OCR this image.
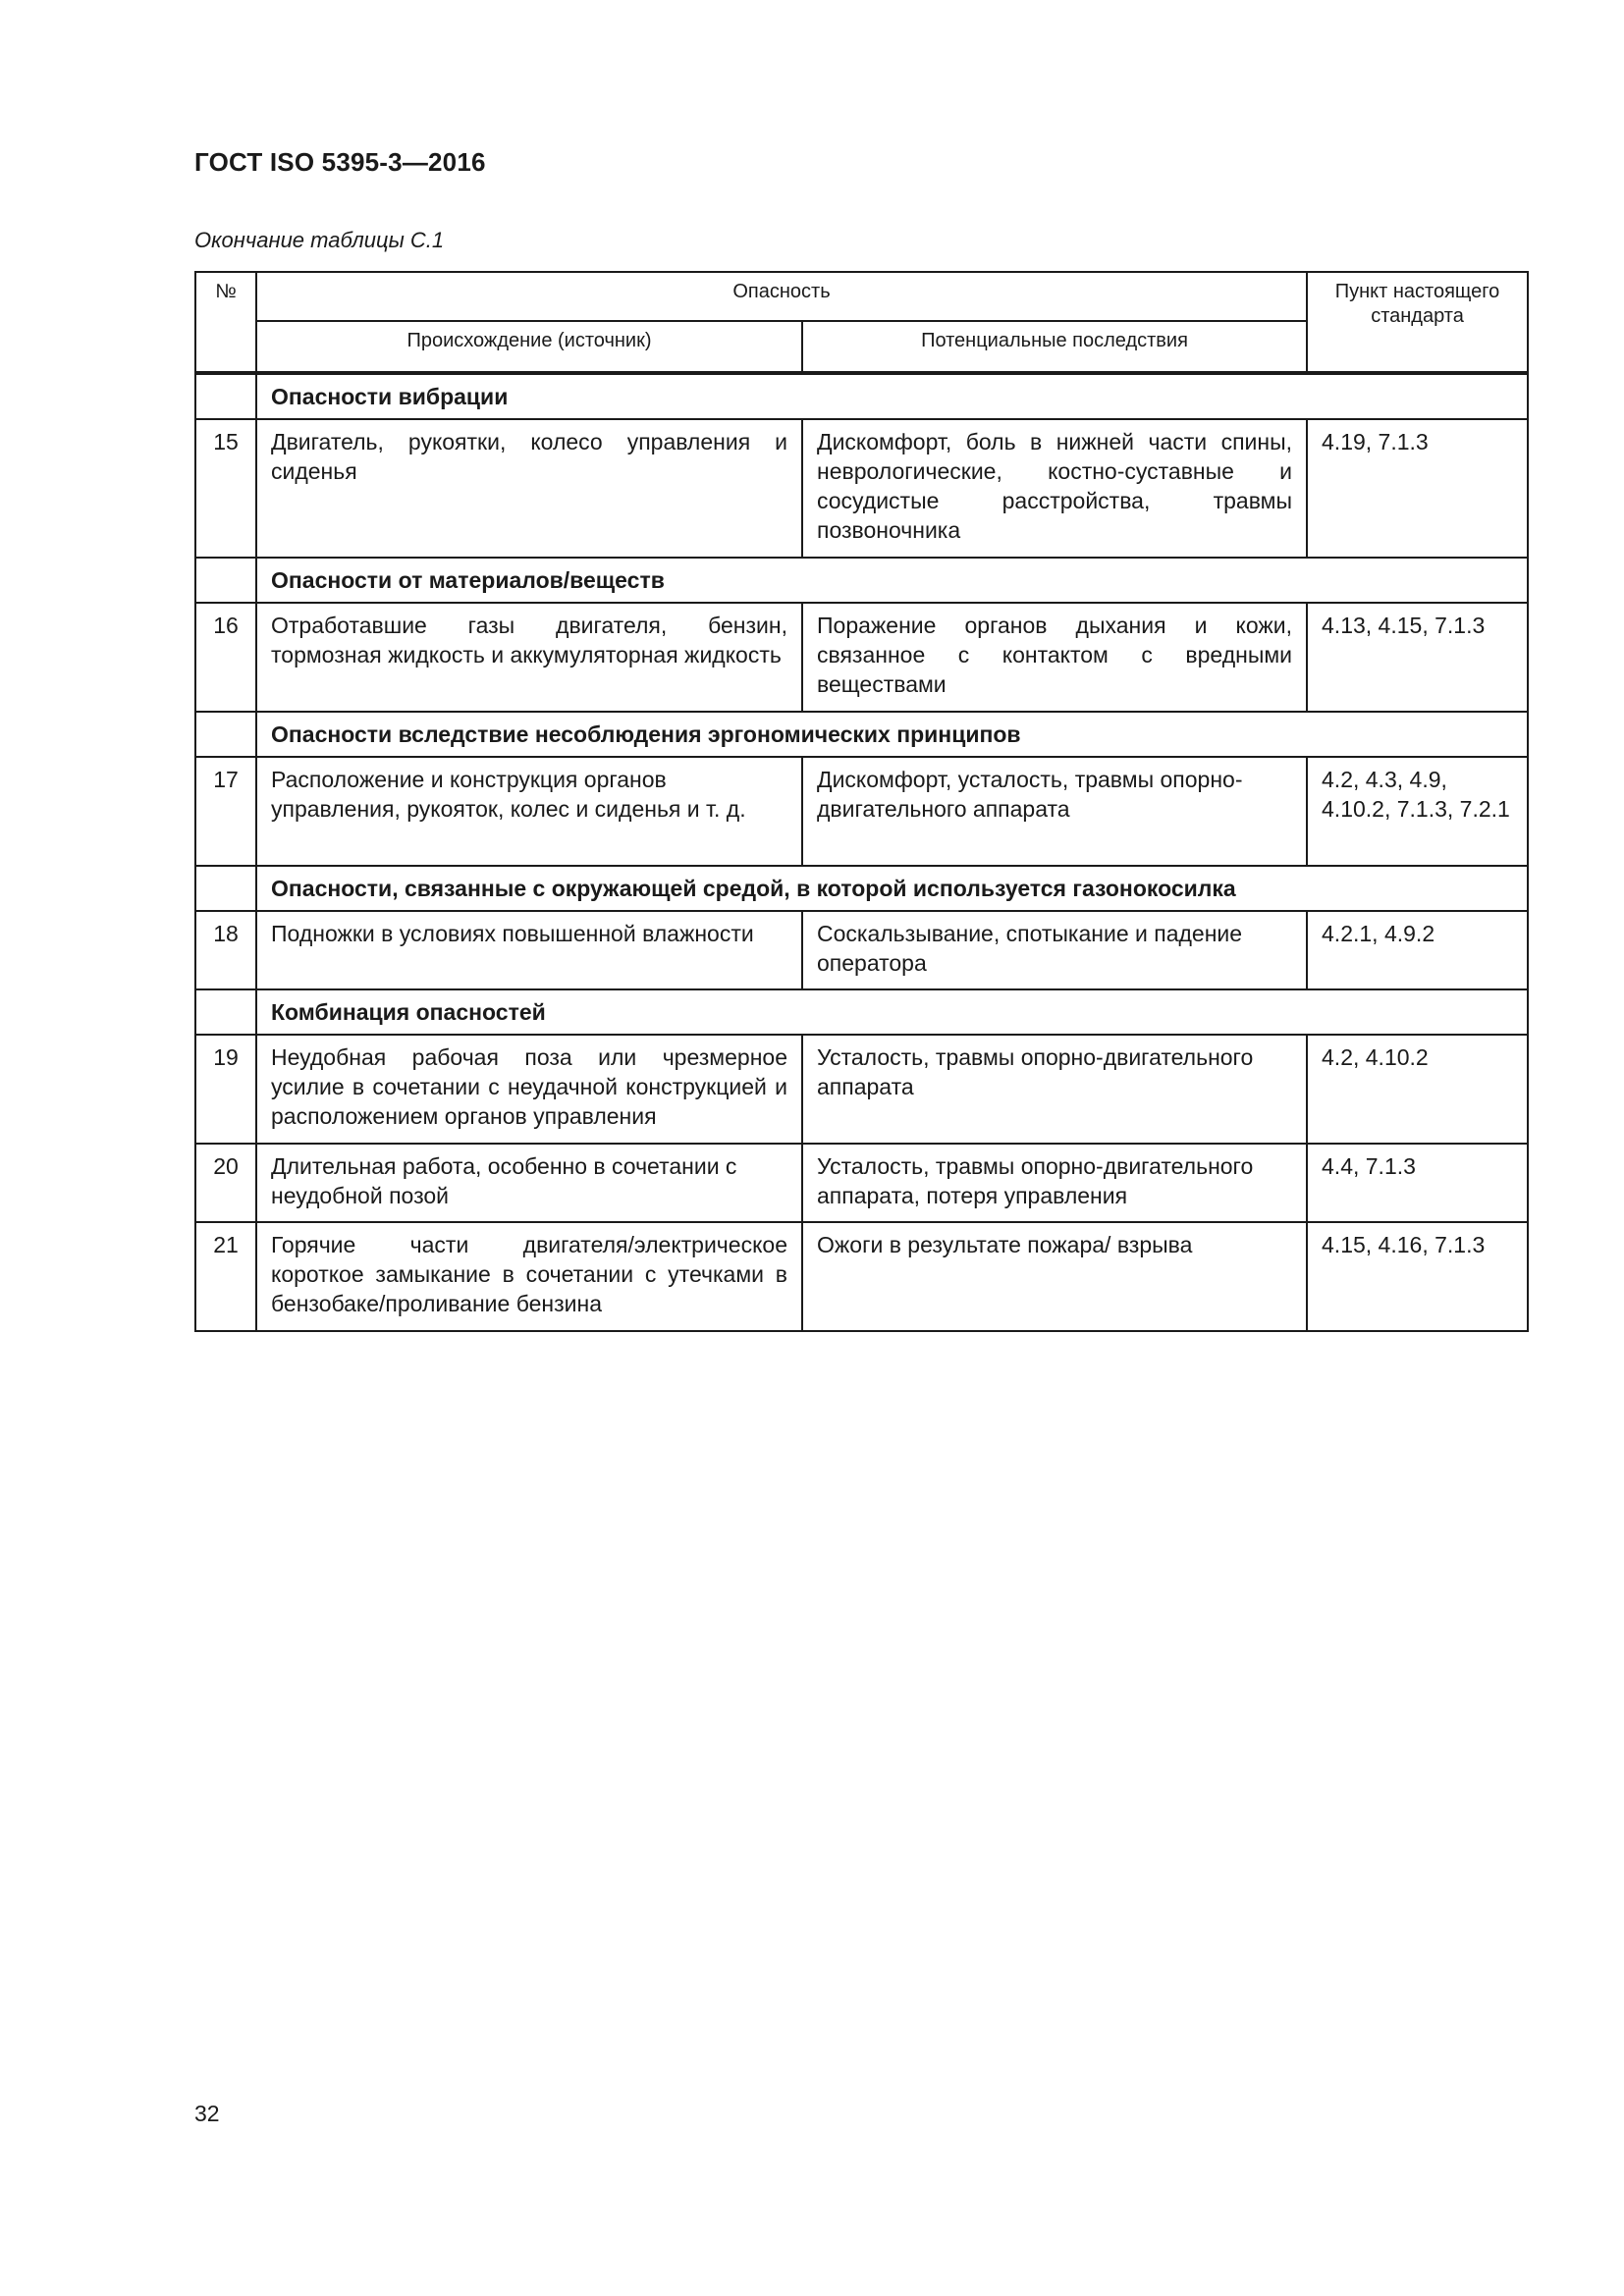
ГОСТ ISO 5395-3—2016
Окончание таблицы С.1
№	Опасность		Пункт настоящего стандарта
	Происхождение (источник)	Потенциальные последствия	
	Опасности вибрации		
15	Двигатель, рукоятки, колесо управления и сиденья	Дискомфорт, боль в нижней части спины, неврологические, костно-суставные и сосудистые расстройства, травмы позвоночника	4.19, 7.1.3
	Опасности от материалов/веществ		
16	Отработавшие газы двигателя, бензин, тормозная жидкость и аккумуляторная жидкость	Поражение органов дыхания и кожи, связанное с контактом с вредными веществами	4.13, 4.15, 7.1.3
	Опасности вследствие несоблюдения эргономических принципов		
17	Расположение и конструкция органов управления, рукояток, колес и сиденья и т. д.	Дискомфорт, усталость, травмы опорно-двигательного аппарата	4.2, 4.3, 4.9, 4.10.2, 7.1.3, 7.2.1
	Опасности, связанные с окружающей средой, в которой используется газонокосилка		
18	Подножки в условиях повышенной влажности	Соскальзывание, спотыкание и падение оператора	4.2.1, 4.9.2
	Комбинация опасностей		
19	Неудобная рабочая поза или чрезмерное усилие в сочетании с неудачной конструкцией и расположением органов управления	Усталость, травмы опорно-двигательного аппарата	4.2, 4.10.2
20	Длительная работа, особенно в сочетании с неудобной позой	Усталость, травмы опорно-двигательного аппарата, потеря управления	4.4, 7.1.3
21	Горячие части двигателя/электрическое короткое замыкание в сочетании с утечками в бензобаке/проливание бензина	Ожоги в результате пожара/ взрыва	4.15, 4.16, 7.1.3
32
